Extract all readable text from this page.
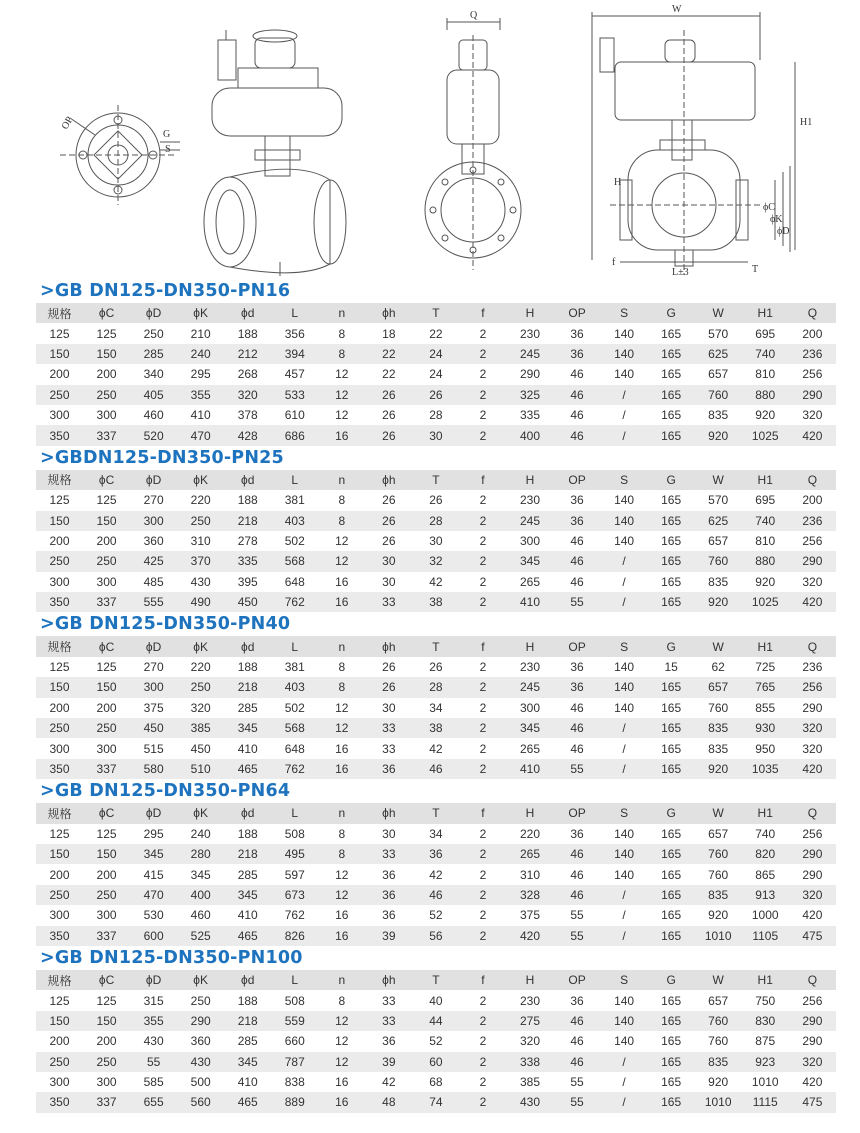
OP
G
S
Q
W
H1
H
ϕC
ϕK
ϕD
f
L±3	T
>GB DN125-DN350-PN16
规格	ϕC	ϕD	ϕK	ϕd	L	n	ϕh	T	f	H	OP	S	G	W	H1	Q
125	125	250	210	188	356	8	18	22	2	230	36	140	165	570	695	200
150	150	285	240	212	394	8	22	24	2	245	36	140	165	625	740	236
200	200	340	295	268	457	12	22	24	2	290	46	140	165	657	810	256
250	250	405	355	320	533	12	26	26	2	325	46	/	165	760	880	290
300	300	460	410	378	610	12	26	28	2	335	46	/	165	835	920	320
350	337	520	470	428	686	16	26	30	2	400	46	/	165	920	1025	420
>GBDN125-DN350-PN25
规格	ϕC	ϕD	ϕK	ϕd	L	n	ϕh	T	f	H	OP	S	G	W	H1	Q
125	125	270	220	188	381	8	26	26	2	230	36	140	165	570	695	200
150	150	300	250	218	403	8	26	28	2	245	36	140	165	625	740	236
200	200	360	310	278	502	12	26	30	2	300	46	140	165	657	810	256
250	250	425	370	335	568	12	30	32	2	345	46	/	165	760	880	290
300	300	485	430	395	648	16	30	42	2	265	46	/	165	835	920	320
350	337	555	490	450	762	16	33	38	2	410	55	/	165	920	1025	420
>GB DN125-DN350-PN40
规格	ϕC	ϕD	ϕK	ϕd	L	n	ϕh	T	f	H	OP	S	G	W	H1	Q
125	125	270	220	188	381	8	26	26	2	230	36	140	15	62	725	236
150	150	300	250	218	403	8	26	28	2	245	36	140	165	657	765	256
200	200	375	320	285	502	12	30	34	2	300	46	140	165	760	855	290
250	250	450	385	345	568	12	33	38	2	345	46	/	165	835	930	320
300	300	515	450	410	648	16	33	42	2	265	46	/	165	835	950	320
350	337	580	510	465	762	16	36	46	2	410	55	/	165	920	1035	420
>GB DN125-DN350-PN64
规格	ϕC	ϕD	ϕK	ϕd	L	n	ϕh	T	f	H	OP	S	G	W	H1	Q
125	125	295	240	188	508	8	30	34	2	220	36	140	165	657	740	256
150	150	345	280	218	495	8	33	36	2	265	46	140	165	760	820	290
200	200	415	345	285	597	12	36	42	2	310	46	140	165	760	865	290
250	250	470	400	345	673	12	36	46	2	328	46	/	165	835	913	320
300	300	530	460	410	762	16	36	52	2	375	55	/	165	920	1000	420
350	337	600	525	465	826	16	39	56	2	420	55	/	165	1010	1105	475
>GB DN125-DN350-PN100
规格	ϕC	ϕD	ϕK	ϕd	L	n	ϕh	T	f	H	OP	S	G	W	H1	Q
125	125	315	250	188	508	8	33	40	2	230	36	140	165	657	750	256
150	150	355	290	218	559	12	33	44	2	275	46	140	165	760	830	290
200	200	430	360	285	660	12	36	52	2	320	46	140	165	760	875	290
250	250	55	430	345	787	12	39	60	2	338	46	/	165	835	923	320
300	300	585	500	410	838	16	42	68	2	385	55	/	165	920	1010	420
350	337	655	560	465	889	16	48	74	2	430	55	/	165	1010	1115	475
